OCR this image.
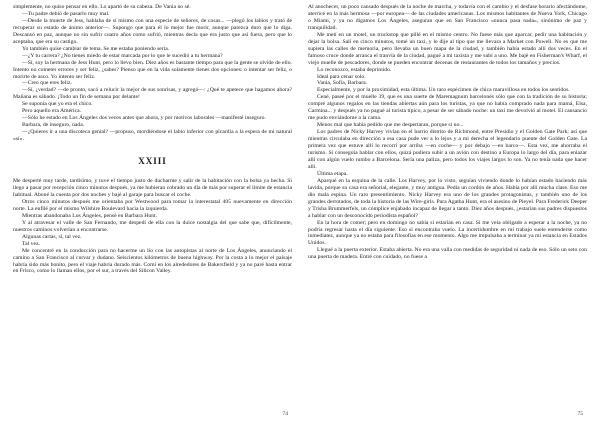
simplemente, no quiso pensar en ello. Lo apartó de su cabeza. De Vania no sé.

—Tu padre debió de pasarlo muy mal.

—Desde la muerte de Jess, hablaba de sí mismo con una especie de señores, de cosas... —plegó los labios y trató de recuperar su estado de ánimo anterior—. Supongo que para él lo mejor fue morir, aunque parezca duro que lo diga. Descansó en paz, aunque no sin sufrir cuatro años como sufrió, mientras decía que era justo que así fuera, pero que lo aceptaba, que era su castigo.

Yo también quise cambiar de tema. Se me estaba poniendo seria.

—¿Y tu carrera? ¿No tienes miedo de estar marcada por lo que le sucedió a tu hermana?

—Sí, soy la hermana de Jess Hunt, pero lo llevo bien. Diez años es bastante tiempo para que la gente se olvide de ello. Intento no cometer errores y ser feliz, ¿sabes? Pienso que en la vida solamente tienes dos opciones: o intentar ser feliz, o morirte de asco. Yo intento ser feliz.

—Creo que eres feliz.

—Sí, ¿verdad? —de pronto, sacó a relucir la mejor de sus sonrisas, y agregó—: ¿Qué te apetece que hagamos ahora? Mañana es sábado. ¡Todo un fin de semana por delante!

Se suponía que yo era el chico.

Pero aquello era América.

—Sólo he estado en Los Ángeles dos veces antes que ahora, y por motivos laborales —manifesté inseguro.

Barbara, de inseguro, nada.

—¿Quieres ir a una discoteca genial? —propuso, mordiéndose el labio inferior con picardía a la espera de mi natural «sí».

XXIII

Me desperté muy tarde, tardísimo, y tuve el tiempo justo de ducharme y salir de la habitación con la bolsa ya hecha. Si llego a pasar por recepción cinco minutos después, ya me hubieran cobrado un día de más por superar el límite de estancia habitual. Aboné la cuenta por dos noches y bajé al garaje para buscar el coche.

Otros cinco minutos después me orientaba por Westwood para tomar la interestatal 405 nuevamente en dirección norte. La enfilé por el mismo Wilshire Boulevard hacia la izquierda.

Mientras abandonaba Los Ángeles, pensé en Barbara Hunt.

Y al atravesar el valle de San Fernando, me despedí de ella con la dulce nostalgia del que sabe que, difícilmente, nuestros caminos volverían a encontrarse.

Algunas cartas, sí, tal vez.

Tal vez.

Me concentré en la conducción para no hacerme un lío con las autopistas al norte de Los Ángeles, anunciando el camino a San Francisco al curvar y dudano. Seiscientos kilómetros de buena highway. Por la costa a lo mejor el paisaje habría sido más bonito, pero el viaje habría durado más. Comí en los alrededores de Bakersfield y ya no paré hasta entrar en Frisco, como lo llaman ellos, por el sur, a través del Silicon Valley.

74

Al anochecer, un poco cansado después de la noche de marcha, y todavía con el cambio y el desfase horario afectándome, aterricé en la más hermosa —por europea— de las ciudades americanas. Los mismos habitantes de Nueva York, Chicago o Miami, y ya no digamos Los Ángeles, aseguran que en San Francisco «nunca pasa nada», sinónimo de paz y tranquilidad.

Me metí en un motel, un truckstop que pillé en el mismo centro. No fuese más que aparcar, pedir una habitación y dejar la bolsa. Salí en cinco minutos, tomé un taxi, y le dije al tipo que me llevara a Market con Powell. No es que me supiera las calles de memoria, pero llevaba un buen mapa de la ciudad, y también había estado allí dos veces. En el famoso cruce donde arranca el tranvía de la ciudad, pagué a mi taxista y me subí a uno. Me bajé en Fisherman's Wharf, el viejo muelle de pescadores, donde se pueden encontrar decenas de restaurantes de todos los tamaños y precios.

Lo reconozco, estaba deprimido.

Ideal para cenar solo.

Vania, Sofía, Barbara.

Especialmente, y por la proximidad, esta última. Un raro espécimen de chica maravillosa en todos los sentidos.

Cené, paseé por el muelle 39, que es una suerte de Maremagnum barcelonés sólo que con la tradición de su historia; compré algunos regalos en las tiendas abiertas aún para los turistas, ya que no había comprado nada para mamá, Elsa, Carmina... y después ya no pagué al turista típico, a pesar de ser sábado noche: un taxi me devolvió al motel. El cansancio me pudo enviándome a la cama.

Menos mal que había pedido que me despertaran, porque si no...

Los padres de Nicky Harvey vivían en el barrio distrito de Richmond, entre Presidio y el Golden Gate Park; así que mientras circulaba en dirección a esa casa pude ver a lo lejos y a mi derecha el legendario puente del Golden Gate. La primera vez que estuve allí lo recorrí por arriba —en coche— y por debajo —en barco—. Esta vez, me ahorraba el turismo. Si conseguía hablar con ellos, quizá pudiera subir a un avión con destino a Europa lo largo del día, para enlazar allí con algún vuelo rumbo a Barcelona. Sería una paliza, pero todos los viajes largos lo son. Ya no tenía nada que hacer allí.

Última etapa.

Aparqué en la esquina de la calle. Los Harvey, por lo visto, seguían viviendo donde lo habían estado haciendo más lavida, porque su casa era señorial, elegante, y muy antigua. Pedía un cordón de años. Había por allí mucha clase. Eso me dio mala espina. Un raro presentimiento. Nicky Harvey era uno de los grandes protagonistas, y también uno de los grandes derrotados, de toda la historia de las Wire-girls. Para Agatha Hunt, era el asesino de Pieyel. Para Frederick Deeper y Trisha Brummerfels, un cómplice enjabado incapaz de llegar a tanto. Diez años después, ¿estarían sus padres dispuestos a hablar con un desconocido periodista español?

En la hora de comer; pero en domingo no sabía si estarían en casa. Si me veía obligado a esperar a la noche, ya no podría regresar hasta el día siguiente. Eso si encontraba vuelo. La incertidumbre en mí trabajo suele entenderse como inmediatez, aunque ya no estaba para filosofías en ese momento. Algo me impulsaba a terminar ya mi estancia en Estados Unidos.

Llegué a la puerta exterior. Estaba abierta. No era una valla con medidas de seguridad ni nada de eso. Sólo un seto con una puerta de madera. Entré con cuidado, no fuese a

75
